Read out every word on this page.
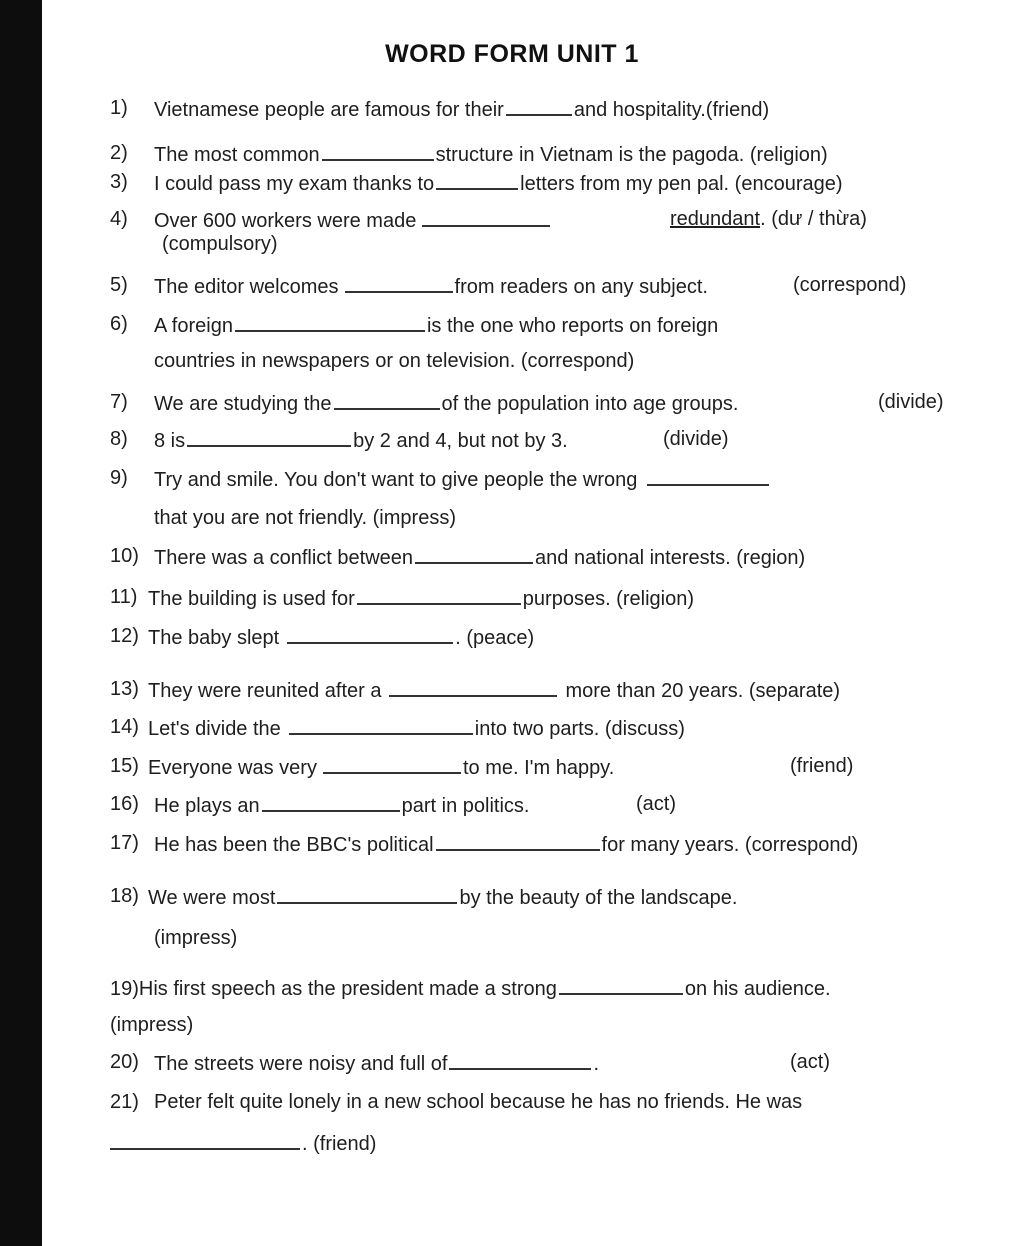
WORD FORM UNIT 1
1) Vietnamese people are famous for their	and hospitality.(friend)
2) The most common	structure in Vietnam is the pagoda. (religion)
3) I could pass my exam thanks to	letters from my pen pal. (encourage)
4) Over 600 workers were made	redundant. (dư / thừa)
(compulsory)
5) The editor welcomes	from readers on any subject.	(correspond)
6) A foreign	is the one who reports on foreign
countries in newspapers or on television. (correspond)
7) We are studying the	of the population into age groups.	(divide)
8) 8 is	by 2 and 4, but not by 3.	(divide)
9) Try and smile. You don't want to give people the wrong
that you are not friendly. (impress)
10) There was a conflict between	and national interests. (region)
11) The building is used for	purposes. (religion)
12) The baby slept	. (peace)
13) They were reunited after a	more than 20 years. (separate)
14) Let's divide the	into two parts. (discuss)
15) Everyone was very	to me. I'm happy.	(friend)
16) He plays an	part in politics.	(act)
17) He has been the BBC's political	for many years. (correspond)
18) We were most	by the beauty of the landscape.
(impress)
19)His first speech as the president made a strong	on his audience.
(impress)
20) The streets were noisy and full of	.	(act)
21) Peter felt quite lonely in a new school because he has no friends. He was
. (friend)
